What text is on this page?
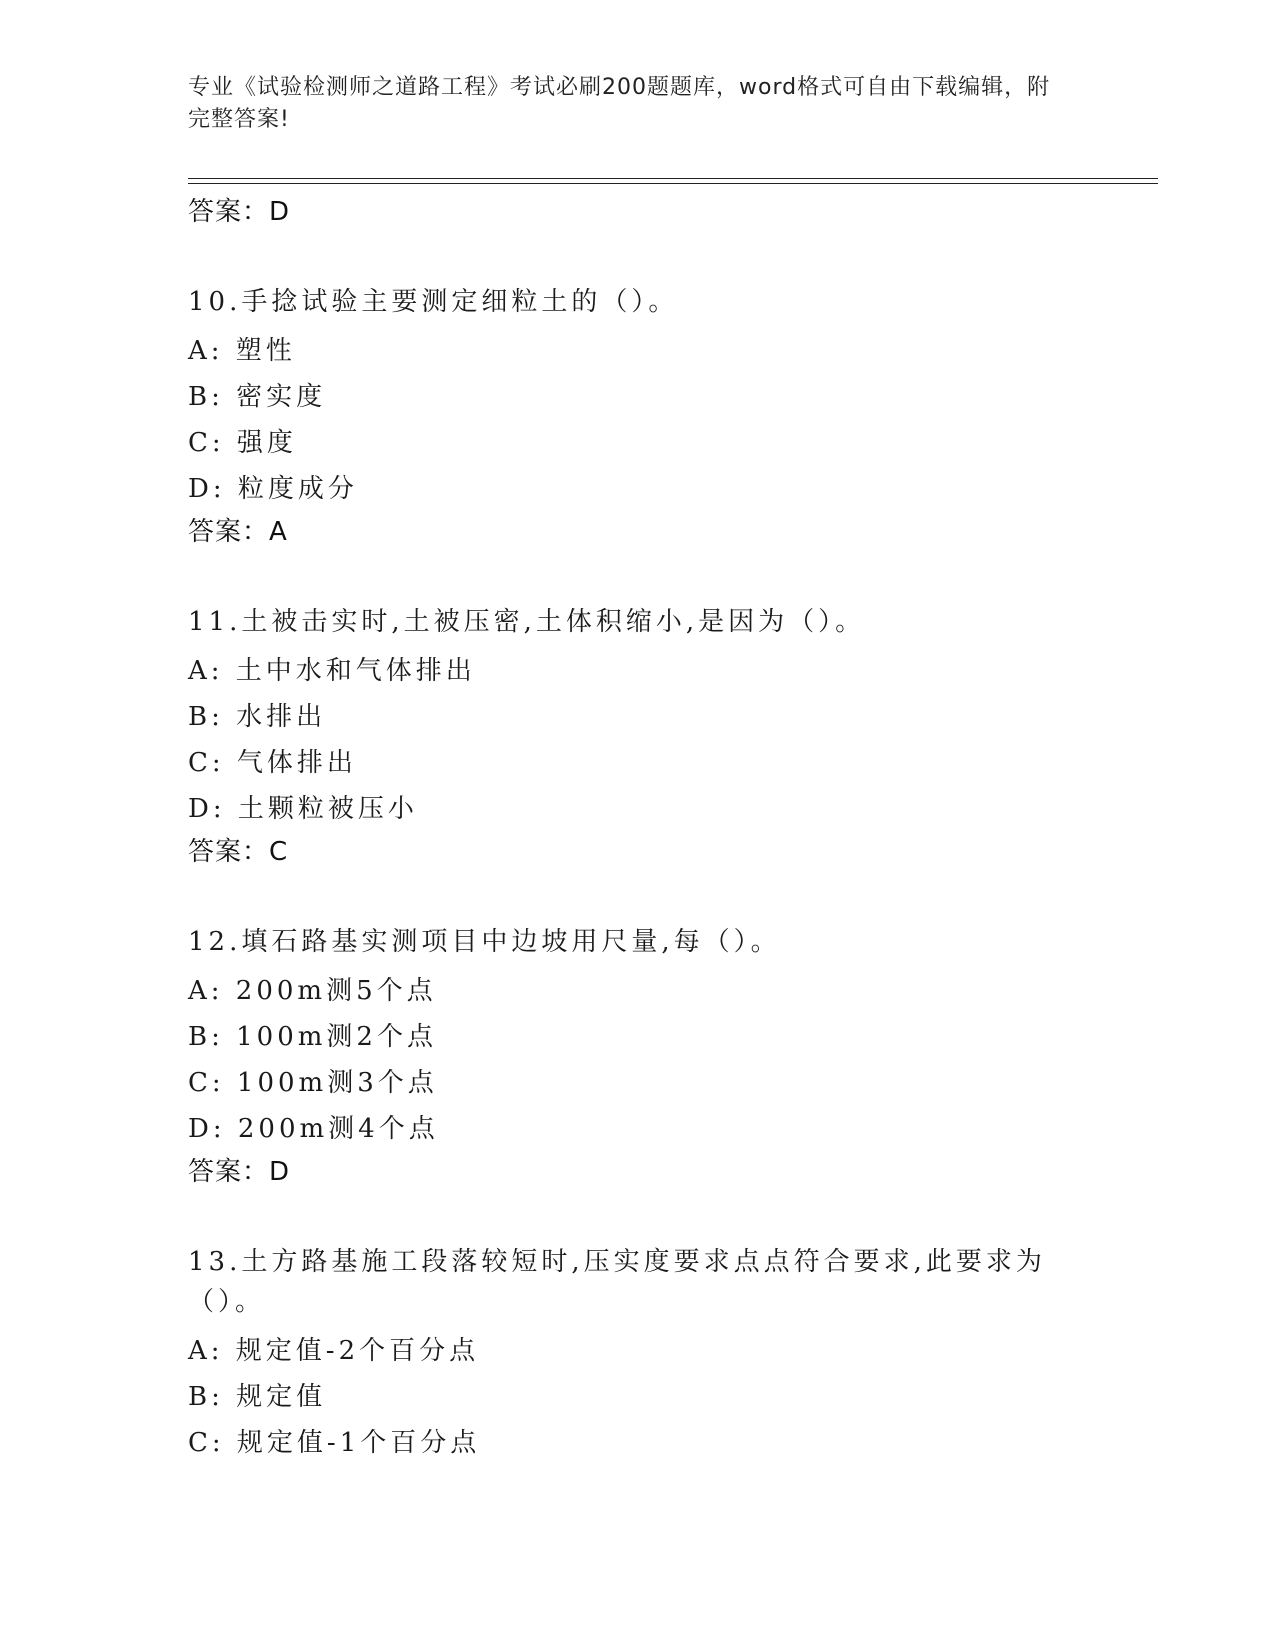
专业《试验检测师之道路工程》考试必刷200题题库，word格式可自由下载编辑，附完整答案!
答案：D
10.手捻试验主要测定细粒土的（）。
A: 塑性
B: 密实度
C: 强度
D: 粒度成分
答案：A
11.土被击实时,土被压密,土体积缩小,是因为（）。
A: 土中水和气体排出
B: 水排出
C: 气体排出
D: 土颗粒被压小
答案：C
12.填石路基实测项目中边坡用尺量,每（）。
A: 200m测5个点
B: 100m测2个点
C: 100m测3个点
D: 200m测4个点
答案：D
13.土方路基施工段落较短时,压实度要求点点符合要求,此要求为（）。
A: 规定值-2个百分点
B: 规定值
C: 规定值-1个百分点
